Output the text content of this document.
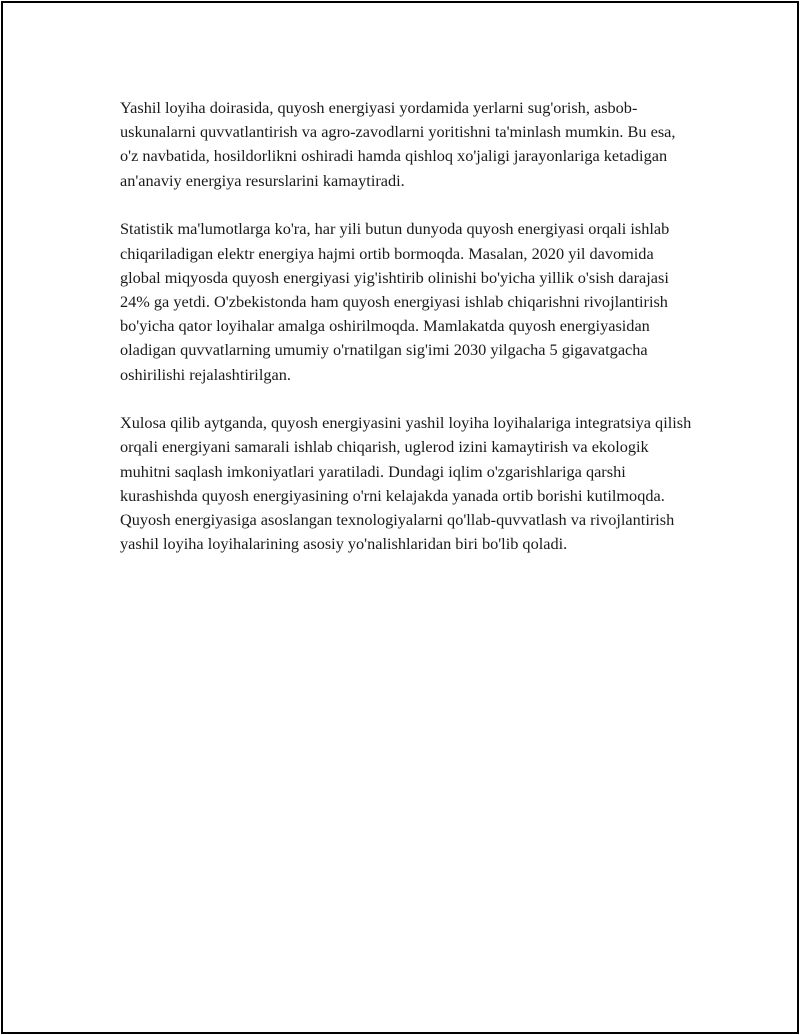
Yashil loyiha doirasida, quyosh energiyasi yordamida yerlarni sug'orish, asbob-uskunalarni quvvatlantirish va agro-zavodlarni yoritishni ta'minlash mumkin. Bu esa, o'z navbatida, hosildorlikni oshiradi hamda qishloq xo'jaligi jarayonlariga ketadigan an'anaviy energiya resurslarini kamaytiradi.

Statistik ma'lumotlarga ko'ra, har yili butun dunyoda quyosh energiyasi orqali ishlab chiqariladigan elektr energiya hajmi ortib bormoqda. Masalan, 2020 yil davomida global miqyosda quyosh energiyasi yig'ishtirib olinishi bo'yicha yillik o'sish darajasi 24% ga yetdi. O'zbekistonda ham quyosh energiyasi ishlab chiqarishni rivojlantirish bo'yicha qator loyihalar amalga oshirilmoqda. Mamlakatda quyosh energiyasidan oladigan quvvatlarning umumiy o'rnatilgan sig'imi 2030 yilgacha 5 gigavatgacha oshirilishi rejalashtirilgan.

Xulosa qilib aytganda, quyosh energiyasini yashil loyiha loyihalariga integratsiya qilish orqali energiyani samarali ishlab chiqarish, uglerod izini kamaytirish va ekologik muhitni saqlash imkoniyatlari yaratiladi. Dundagi iqlim o'zgarishlariga qarshi kurashishda quyosh energiyasining o'rni kelajakda yanada ortib borishi kutilmoqda. Quyosh energiyasiga asoslangan texnologiyalarni qo'llab-quvvatlash va rivojlantirish yashil loyiha loyihalarining asosiy yo'nalishlaridan biri bo'lib qoladi.
